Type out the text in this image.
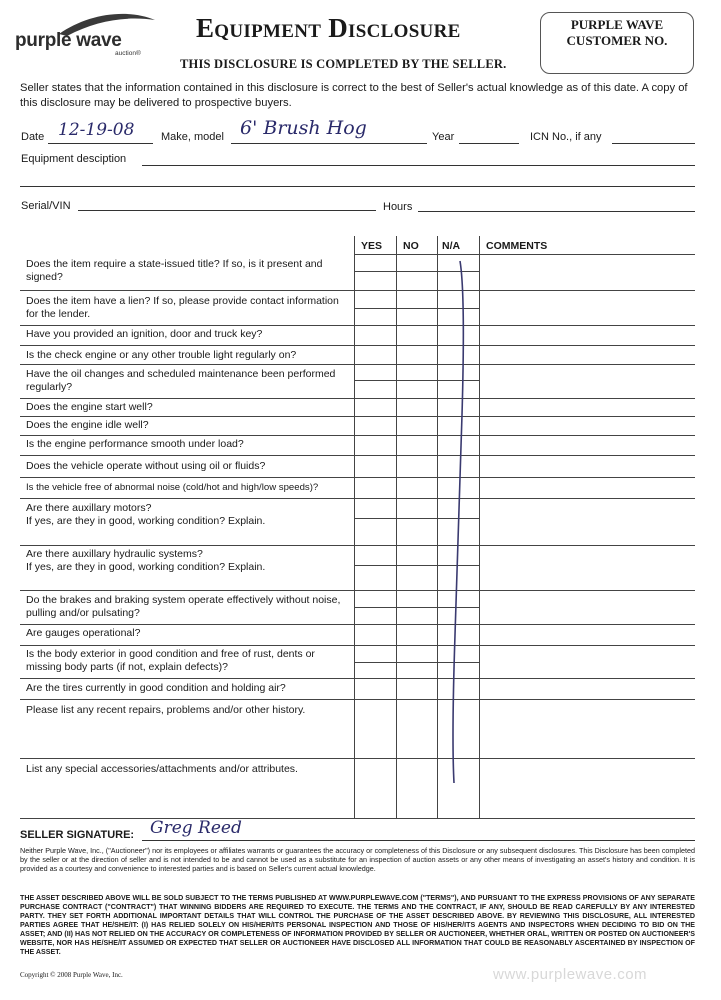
purple wave
auction®
Equipment Disclosure
THIS DISCLOSURE IS COMPLETED BY THE SELLER.
PURPLE WAVE
CUSTOMER NO.
Seller states that the information contained in this disclosure is correct to the best of Seller's actual knowledge as of this date. A copy of this disclosure may be delivered to prospective buyers.
Date 12-19-08 Make, model 6' Brush Hog	Year	ICN No., if any
Equipment desciption
Serial/VIN	Hours
YES NO N/A COMMENTS
Does the item require a state-issued title? If so, is it present and signed?
Does the item have a lien? If so, please provide contact information for the lender.
Have you provided an ignition, door and truck key?
Is the check engine or any other trouble light regularly on?
Have the oil changes and scheduled maintenance been performed regularly?
Does the engine start well?
Does the engine idle well?
Is the engine performance smooth under load?
Does the vehicle operate without using oil or fluids?
Is the vehicle free of abnormal noise (cold/hot and high/low speeds)?
Are there auxillary motors?
If yes, are they in good, working condition? Explain.
Are there auxillary hydraulic systems?
If yes, are they in good, working condition? Explain.
Do the brakes and braking system operate effectively without noise, pulling and/or pulsating?
Are gauges operational?
Is the body exterior in good condition and free of rust, dents or missing body parts (if not, explain defects)?
Are the tires currently in good condition and holding air?
Please list any recent repairs, problems and/or other history.
List any special accessories/attachments and/or attributes.
SELLER SIGNATURE: Greg Reed
Neither Purple Wave, Inc., ("Auctioneer") nor its employees or affiliates warrants or guarantees the accuracy or completeness of this Disclosure or any subsequent disclosures. This Disclosure has been completed by the seller or at the direction of seller and is not intended to be and cannot be used as a substitute for an inspection of auction assets or any other means of investigating an asset's history and condition. It is provided as a courtesy and convenience to interested parties and is based on Seller's current actual knowledge.
THE ASSET DESCRIBED ABOVE WILL BE SOLD SUBJECT TO THE TERMS PUBLISHED AT WWW.PURPLEWAVE.COM ("TERMS"), AND PURSUANT TO THE EXPRESS PROVISIONS OF ANY SEPARATE PURCHASE CONTRACT ("CONTRACT") THAT WINNING BIDDERS ARE REQUIRED TO EXECUTE. THE TERMS AND THE CONTRACT, IF ANY, SHOULD BE READ CAREFULLY BY ANY INTERESTED PARTY. THEY SET FORTH ADDITIONAL IMPORTANT DETAILS THAT WILL CONTROL THE PURCHASE OF THE ASSET DESCRIBED ABOVE. BY REVIEWING THIS DISCLOSURE, ALL INTERESTED PARTIES AGREE THAT HE/SHE/IT: (I) HAS RELIED SOLELY ON HIS/HER/ITS PERSONAL INSPECTION AND THOSE OF HIS/HER/ITS AGENTS AND INSPECTORS WHEN DECIDING TO BID ON THE ASSET; AND (II) HAS NOT RELIED ON THE ACCURACY OR COMPLETENESS OF INFORMATION PROVIDED BY SELLER OR AUCTIONEER, WHETHER ORAL, WRITTEN OR POSTED ON AUCTIONEER'S WEBSITE, NOR HAS HE/SHE/IT ASSUMED OR EXPECTED THAT SELLER OR AUCTIONEER HAVE DISCLOSED ALL INFORMATION THAT COULD BE REASONABLY ASCERTAINED BY INSPECTION OF THE ASSET.
Copyright © 2008 Purple Wave, Inc.	www.purplewave.com
